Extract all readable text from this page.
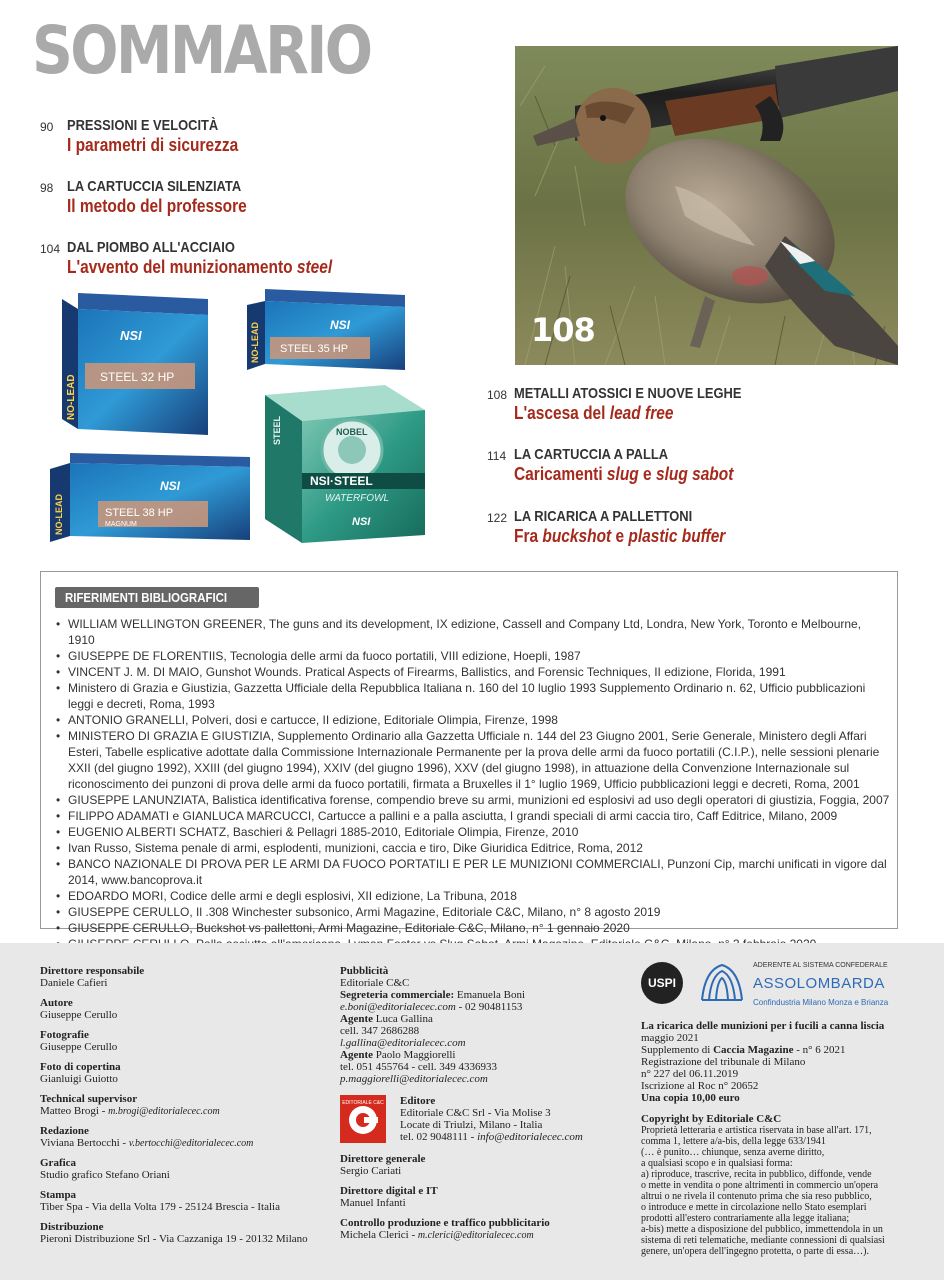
SOMMARIO
90 PRESSIONI E VELOCITÀ
I parametri di sicurezza
98 LA CARTUCCIA SILENZIATA
Il metodo del professore
104 DAL PIOMBO ALL'ACCIAIO
L'avvento del munizionamento steel
108
108 METALLI ATOSSICI E NUOVE LEGHE
L'ascesa del lead free
114 LA CARTUCCIA A PALLA
Caricamenti slug e slug sabot
122 LA RICARICA A PALLETTONI
Fra buckshot e plastic buffer
STEEL 32 HP
NSI
NO-LEAD
STEEL 35 HP
NSI
NO-LEAD
STEEL 38 HP
MAGNUM
NSI
NO-LEAD
NOBEL
NSI·STEEL
WATERFOWL
NSI
STEEL
RIFERIMENTI BIBLIOGRAFICI
• WILLIAM WELLINGTON GREENER, The guns and its development, IX edizione, Cassell and Company Ltd, Londra, New York, Toronto e Melbourne, 1910
• GIUSEPPE DE FLORENTIIS, Tecnologia delle armi da fuoco portatili, VIII edizione, Hoepli, 1987
• VINCENT J. M. DI MAIO, Gunshot Wounds. Pratical Aspects of Firearms, Ballistics, and Forensic Techniques, II edizione, Florida, 1991
• Ministero di Grazia e Giustizia, Gazzetta Ufficiale della Repubblica Italiana n. 160 del 10 luglio 1993 Supplemento Ordinario n. 62, Ufficio pubblicazioni leggi e decreti, Roma, 1993
• ANTONIO GRANELLI, Polveri, dosi e cartucce, II edizione, Editoriale Olimpia, Firenze, 1998
• MINISTERO DI GRAZIA E GIUSTIZIA, Supplemento Ordinario alla Gazzetta Ufficiale n. 144 del 23 Giugno 2001, Serie Generale, Ministero degli Affari Esteri, Tabelle esplicative adottate dalla Commissione Internazionale Permanente per la prova delle armi da fuoco portatili (C.I.P.), nelle sessioni plenarie XXII (del giugno 1992), XXIII (del giugno 1994), XXIV (del giugno 1996), XXV (del giugno 1998), in attuazione della Convenzione Internazionale sul riconoscimento dei punzoni di prova delle armi da fuoco portatili, firmata a Bruxelles il 1° luglio 1969, Ufficio pubblicazioni leggi e decreti, Roma, 2001
• GIUSEPPE LANUNZIATA, Balistica identificativa forense, compendio breve su armi, munizioni ed esplosivi ad uso degli operatori di giustizia, Foggia, 2007
• FILIPPO ADAMATI e GIANLUCA MARCUCCI, Cartucce a pallini e a palla asciutta, I grandi speciali di armi caccia tiro, Caff Editrice, Milano, 2009
• EUGENIO ALBERTI SCHATZ, Baschieri & Pellagri 1885-2010, Editoriale Olimpia, Firenze, 2010
• Ivan Russo, Sistema penale di armi, esplodenti, munizioni, caccia e tiro, Dike Giuridica Editrice, Roma, 2012
• BANCO NAZIONALE DI PROVA PER LE ARMI DA FUOCO PORTATILI E PER LE MUNIZIONI COMMERCIALI, Punzoni Cip, marchi unificati in vigore dal 2014, www.bancoprova.it
• EDOARDO MORI, Codice delle armi e degli esplosivi, XII edizione, La Tribuna, 2018
• GIUSEPPE CERULLO, Il .308 Winchester subsonico, Armi Magazine, Editoriale C&C, Milano, n° 8 agosto 2019
• GIUSEPPE CERULLO, Buckshot vs pallettoni, Armi Magazine, Editoriale C&C, Milano, n° 1 gennaio 2020
•
Direttore responsabile
Daniele Cafieri
Autore
Giuseppe Cerullo
Fotografie
Giuseppe Cerullo
Foto di copertina
Gianluigi Guiotto
Technical supervisor
Matteo Brogi - m.brogi@editorialecec.com
Redazione
Viviana Bertocchi - v.bertocchi@editorialecec.com
Grafica
Studio grafico Stefano Oriani
Stampa
Tiber Spa - Via della Volta 179 - 25124 Brescia - Italia
Distribuzione
Pieroni Distribuzione Srl - Via Cazzaniga 19 - 20132 Milano
Pubblicità
Editoriale C&C
Segreteria commerciale: Emanuela Boni
e.boni@editorialecec.com - 02 90481153
Agente Luca Gallina
cell. 347 2686288
l.gallina@editorialecec.com
Agente Paolo Maggiorelli
tel. 051 455764 - cell. 349 4336933
p.maggiorelli@editorialecec.com
EDITORIALE C&C Editore
Editoriale C&C Srl - Via Molise 3
Locate di Triulzi, Milano - Italia
tel. 02 9048111 - info@editorialecec.com
Direttore generale
Sergio Cariati
Direttore digital e IT
Manuel Infanti
Controllo produzione e traffico pubblicitario
Michela Clerici - m.clerici@editorialecec.com
USPI
ADERENTE AL SISTEMA CONFEDERALE
ASSOLOMBARDA
Confindustria Milano Monza e Brianza
La ricarica delle munizioni per i fucili a canna liscia
maggio 2021
Supplemento di Caccia Magazine - n° 6 2021
Registrazione del tribunale di Milano
n° 227 del 06.11.2019
Iscrizione al Roc n° 20652
Una copia 10,00 euro
Copyright by Editoriale C&C
Proprietà letteraria e artistica riservata in base all'art. 171,
comma 1, lettere a/a-bis, della legge 633/1941
(… è punito… chiunque, senza averne diritto,
a qualsiasi scopo e in qualsiasi forma:
a) riproduce, trascrive, recita in pubblico, diffonde, vende
o mette in vendita o pone altrimenti in commercio un'opera
altrui o ne rivela il contenuto prima che sia reso pubblico,
o introduce e mette in circolazione nello Stato esemplari
prodotti all'estero contrariamente alla legge italiana;
a-bis) mette a disposizione del pubblico, immettendola in un
sistema di reti telematiche, mediante connessioni di qualsiasi
genere, un'opera dell'ingegno protetta, o parte di essa…).
